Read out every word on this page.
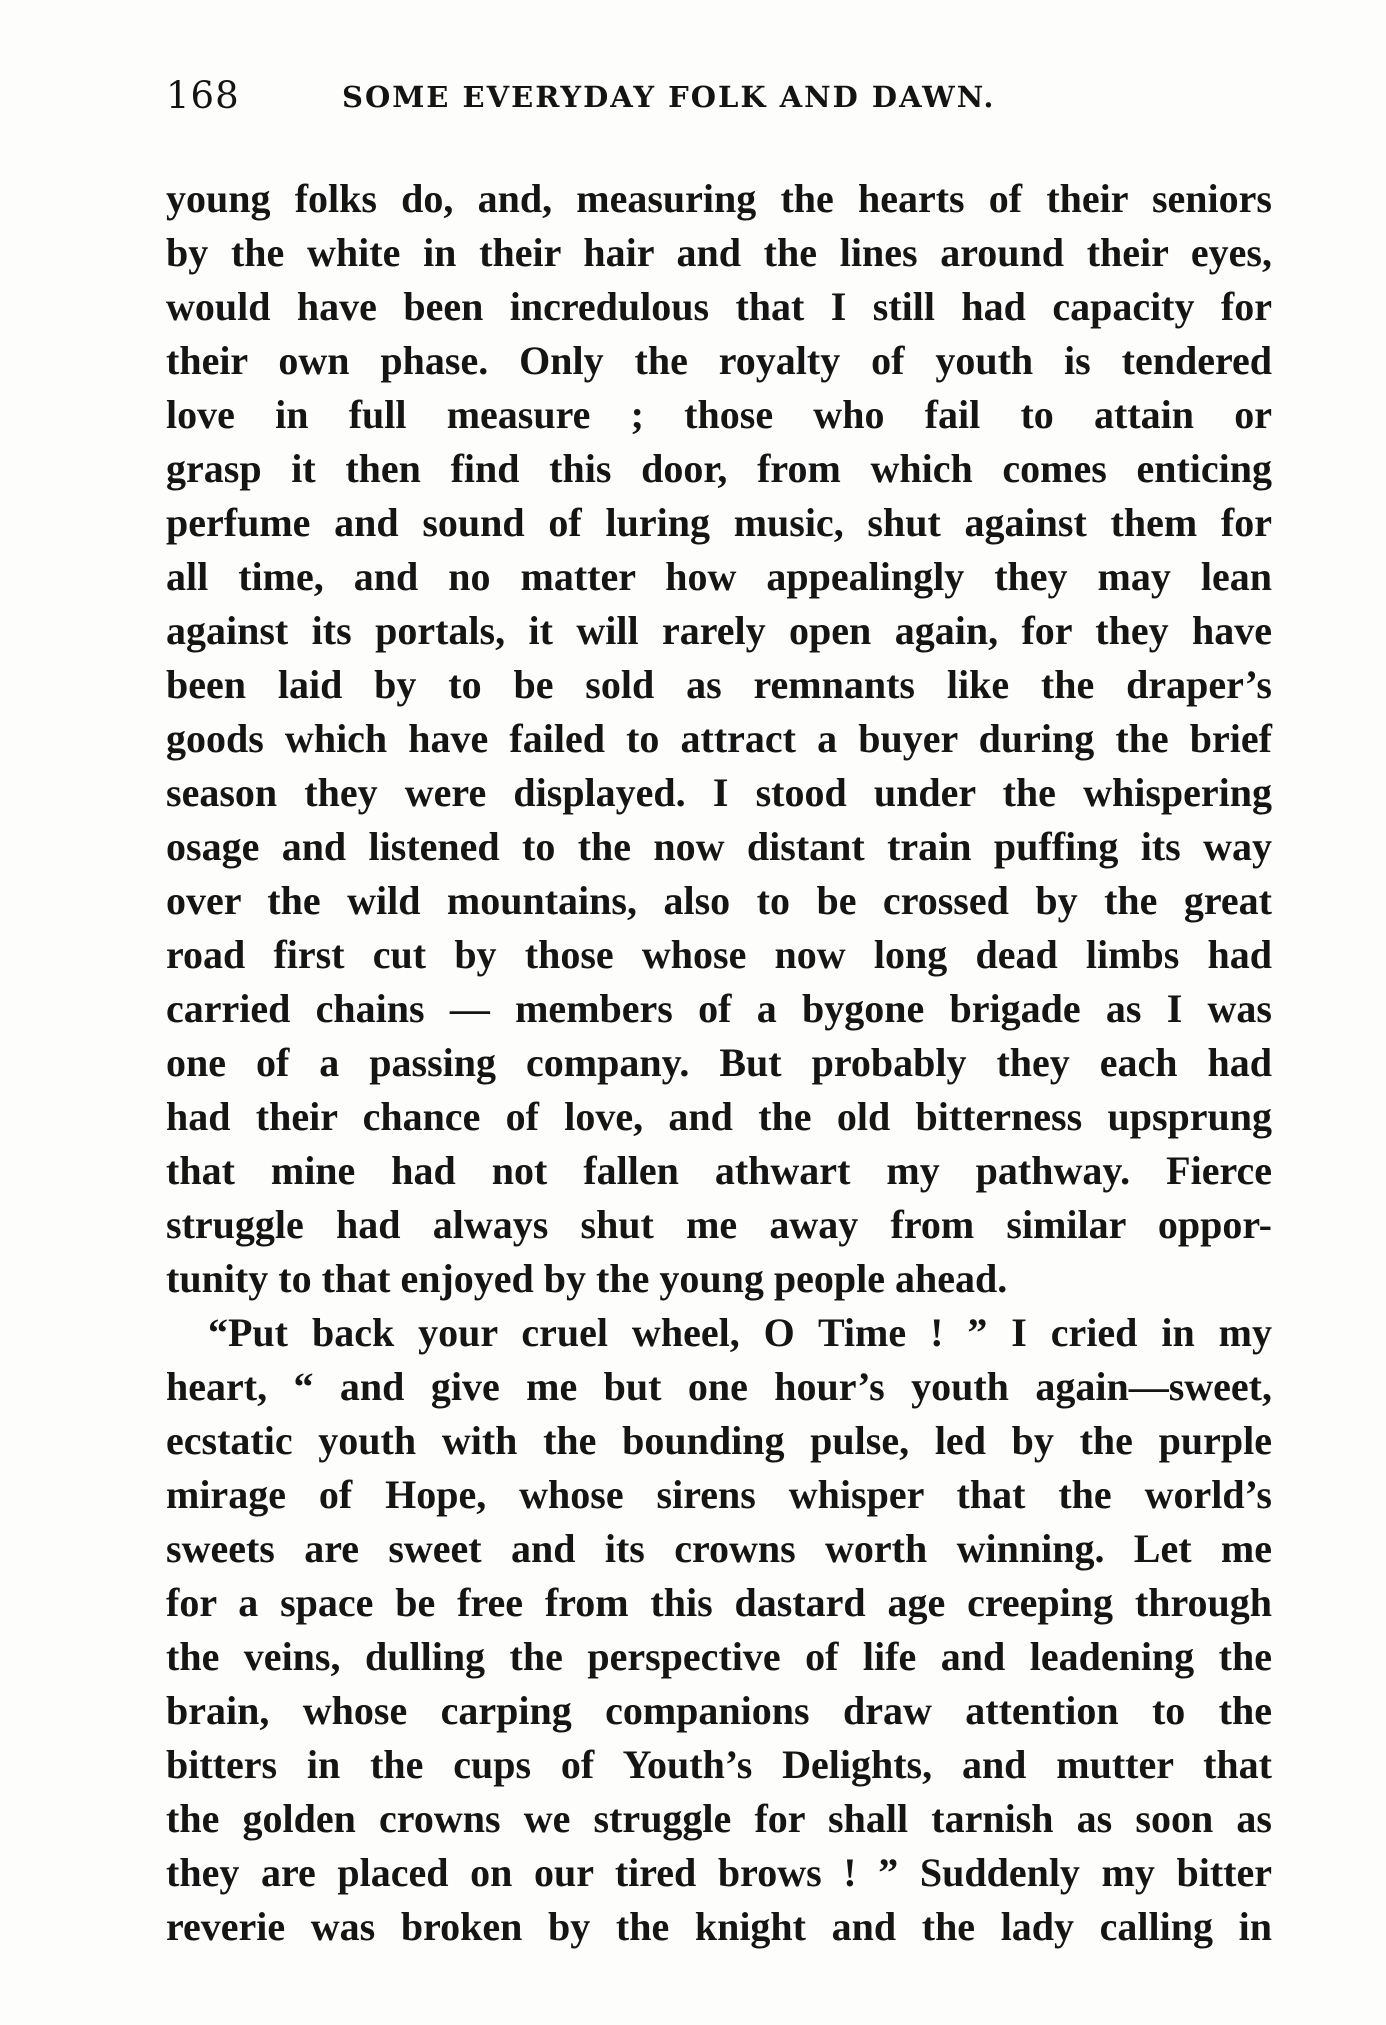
168	SOME EVERYDAY FOLK AND DAWN.
young folks do, and, measuring the hearts of their seniors
by the white in their hair and the lines around their eyes,
would have been incredulous that I still had capacity for
their own phase. Only the royalty of youth is tendered
love in full measure ; those who fail to attain or
grasp it then find this door, from which comes enticing
perfume and sound of luring music, shut against them for
all time, and no matter how appealingly they may lean
against its portals, it will rarely open again, for they have
been laid by to be sold as remnants like the draper’s
goods which have failed to attract a buyer during the brief
season they were displayed. I stood under the whispering
osage and listened to the now distant train puffing its way
over the wild mountains, also to be crossed by the great
road first cut by those whose now long dead limbs had
carried chains — members of a bygone brigade as I was
one of a passing company. But probably they each had
had their chance of love, and the old bitterness upsprung
that mine had not fallen athwart my pathway. Fierce
struggle had always shut me away from similar oppor-
tunity to that enjoyed by the young people ahead.
“Put back your cruel wheel, O Time ! ” I cried in my
heart, “ and give me but one hour’s youth again—sweet,
ecstatic youth with the bounding pulse, led by the purple
mirage of Hope, whose sirens whisper that the world’s
sweets are sweet and its crowns worth winning. Let me
for a space be free from this dastard age creeping through
the veins, dulling the perspective of life and leadening the
brain, whose carping companions draw attention to the
bitters in the cups of Youth’s Delights, and mutter that
the golden crowns we struggle for shall tarnish as soon as
they are placed on our tired brows ! ” Suddenly my bitter
reverie was broken by the knight and the lady calling in
